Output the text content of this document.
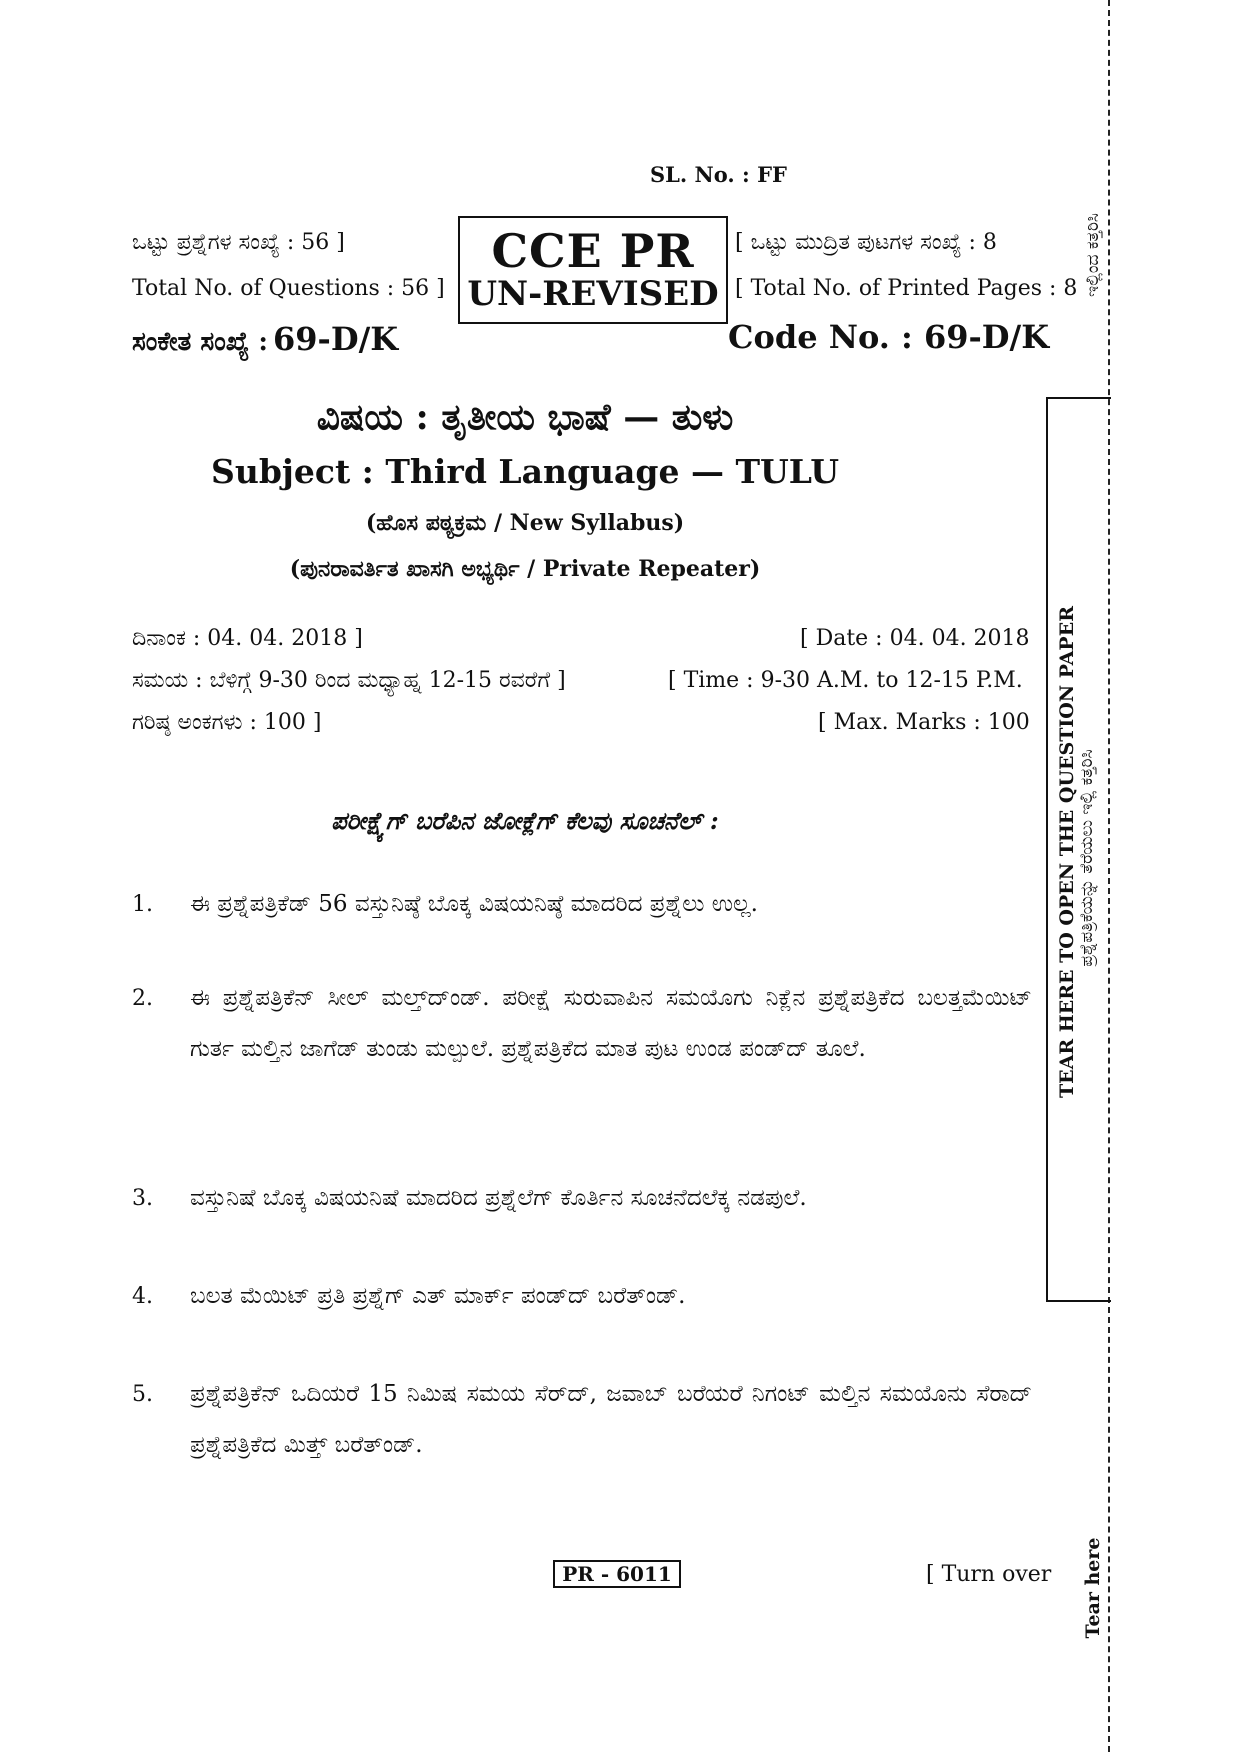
SL. No. : FF
ಒಟ್ಟು ಪ್ರಶ್ನೆಗಳ ಸಂಖ್ಯೆ : 56 ]
Total No. of Questions : 56 ]
CCE PR
UN-REVISED
[ ಒಟ್ಟು ಮುದ್ರಿತ ಪುಟಗಳ ಸಂಖ್ಯೆ : 8
[ Total No. of Printed Pages : 8
ಸಂಕೇತ ಸಂಖ್ಯೆ : 69-D/K	Code No. : 69-D/K
ವಿಷಯ : ತೃತೀಯ ಭಾಷೆ — ತುಳು
Subject : Third Language — TULU
(ಹೊಸ ಪಠ್ಯಕ್ರಮ / New Syllabus)
(ಪುನರಾವರ್ತಿತ ಖಾಸಗಿ ಅಭ್ಯರ್ಥಿ / Private Repeater)
ದಿನಾಂಕ : 04. 04. 2018 ]	[ Date : 04. 04. 2018
ಸಮಯ : ಬೆಳಿಗ್ಗೆ 9-30 ರಿಂದ ಮಧ್ಯಾಹ್ನ 12-15 ರವರೆಗೆ ]	[ Time : 9-30 A.M. to 12-15 P.M.
ಗರಿಷ್ಠ ಅಂಕಗಳು : 100 ]	[ Max. Marks : 100
ಪರೀಕ್ಷ್ಯೆಗ್ ಬರೆಪಿನ ಜೋಕ್ಲೆಗ್ ಕೆಲವು ಸೂಚನೆಲ್ :
1. ಈ ಪ್ರಶ್ನೆಪತ್ರಿಕೆಡ್ 56 ವಸ್ತುನಿಷ್ಠೆ ಬೊಕ್ಕ ವಿಷಯನಿಷ್ಠೆ ಮಾದರಿದ ಪ್ರಶ್ನೆಲು ಉಲ್ಲ.
2. ಈ ಪ್ರಶ್ನೆಪತ್ರಿಕೆನ್ ಸೀಲ್ ಮಲ್ತ್‌ದ್‌ಂಡ್. ಪರೀಕ್ಷೆ ಸುರುವಾಪಿನ ಸಮಯೊಗು ನಿಕ್ಲೆನ ಪ್ರಶ್ನೆಪತ್ರಿಕೆದ ಬಲತ್ತಮೆಯಿಟ್ ಗುರ್ತ ಮಲ್ತಿನ ಜಾಗೆಡ್ ತುಂಡು ಮಲ್ಪುಲೆ. ಪ್ರಶ್ನೆಪತ್ರಿಕೆದ ಮಾತ ಪುಟ ಉಂಡ ಪಂಡ್‌ದ್ ತೂಲೆ.
3. ವಸ್ತುನಿಷೆ ಬೊಕ್ಕ ವಿಷಯನಿಷೆ ಮಾದರಿದ ಪ್ರಶ್ನೆಲೆಗ್ ಕೊರ್ತಿನ ಸೂಚನೆದಲೆಕ್ಕ ನಡಪುಲೆ.
4. ಬಲತ ಮೆಯಿಟ್ ಪ್ರತಿ ಪ್ರಶ್ನೆಗ್ ಎತ್ ಮಾರ್ಕ್ ಪಂಡ್‌ದ್ ಬರೆತ್‌ಂಡ್.
5. ಪ್ರಶ್ನೆಪತ್ರಿಕೆನ್ ಒದಿಯರೆ 15 ನಿಮಿಷ ಸಮಯ ಸೆರ್‌ದ್, ಜವಾಬ್ ಬರೆಯರೆ ನಿಗಂಟ್ ಮಲ್ತಿನ ಸಮಯೊನು ಸೆರಾದ್ ಪ್ರಶ್ನೆಪತ್ರಿಕೆದ ಮಿತ್ತ್ ಬರೆತ್‌ಂಡ್.
PR - 6011	[ Turn over
ಇಲ್ಲಿಂದ ಕತ್ತರಿಸಿ
TEAR HERE TO OPEN THE QUESTION PAPER ಪ್ರಶ್ನೆಪತ್ರಿಕೆಯನ್ನು ತೆರೆಯಲು ಇಲ್ಲಿ ಕತ್ತರಿಸಿ
Tear here
